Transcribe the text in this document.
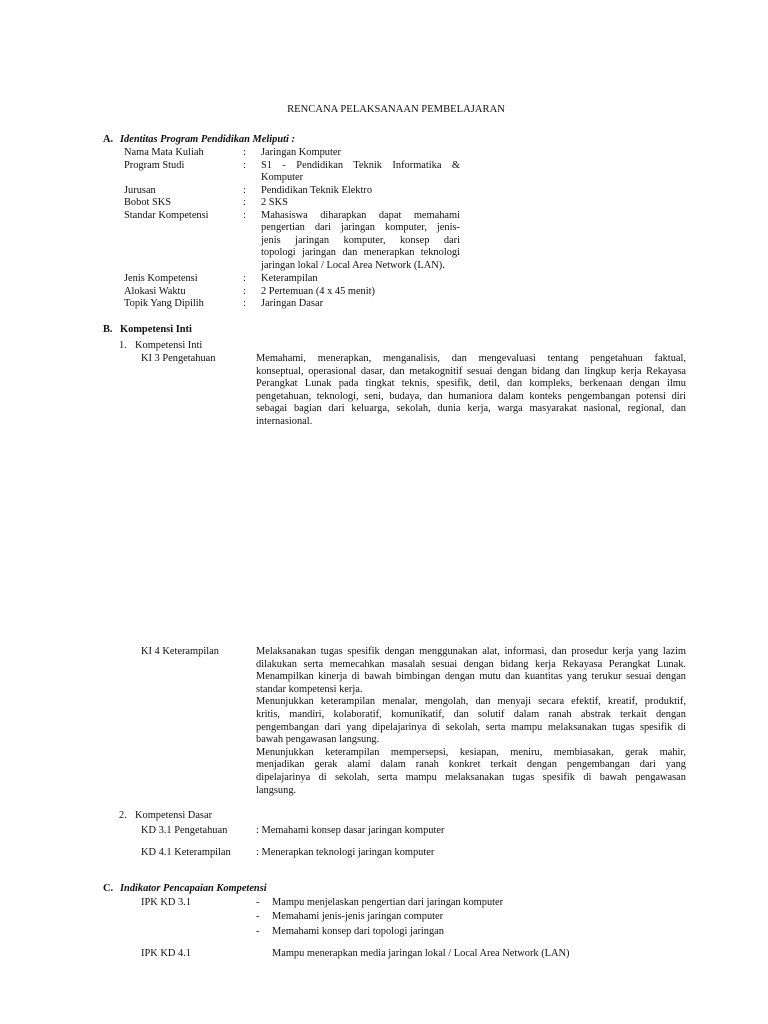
RENCANA PELAKSANAAN PEMBELAJARAN
A. Identitas Program Pendidikan Meliputi :
Nama Mata Kuliah	: Jaringan Komputer
Program Studi	: S1 - Pendidikan Teknik Informatika &
Komputer
Jurusan	: Pendidikan Teknik Elektro
Bobot SKS	: 2 SKS
Standar Kompetensi	: Mahasiswa diharapkan dapat memahami
pengertian dari jaringan komputer, jenis-
jenis jaringan komputer, konsep dari
topologi jaringan dan menerapkan teknologi
jaringan lokal / Local Area Network (LAN).
Jenis Kompetensi	: Keterampilan
Alokasi Waktu	: 2 Pertemuan (4 x 45 menit)
Topik Yang Dipilih	: Jaringan Dasar
B. Kompetensi Inti
1. Kompetensi Inti
KI 3 Pengetahuan	Memahami, menerapkan, menganalisis, dan mengevaluasi tentang pengetahuan faktual,
konseptual, operasional dasar, dan metakognitif sesuai dengan bidang dan lingkup kerja Rekayasa
Perangkat Lunak pada tingkat teknis, spesifik, detil, dan kompleks, berkenaan dengan ilmu
pengetahuan, teknologi, seni, budaya, dan humaniora dalam konteks pengembangan potensi diri
sebagai bagian dari keluarga, sekolah, dunia kerja, warga masyarakat nasional, regional, dan
internasional.
KI 4 Keterampilan	Melaksanakan tugas spesifik dengan menggunakan alat, informasi, dan prosedur kerja yang lazim
dilakukan serta memecahkan masalah sesuai dengan bidang kerja Rekayasa Perangkat Lunak.
Menampilkan kinerja di bawah bimbingan dengan mutu dan kuantitas yang terukur sesuai dengan
standar kompetensi kerja.
Menunjukkan keterampilan menalar, mengolah, dan menyaji secara efektif, kreatif, produktif,
kritis, mandiri, kolaboratif, komunikatif, dan solutif dalam ranah abstrak terkait dengan
pengembangan dari yang dipelajarinya di sekolah, serta mampu melaksanakan tugas spesifik di
bawah pengawasan langsung.
Menunjukkan keterampilan mempersepsi, kesiapan, meniru, membiasakan, gerak mahir,
menjadikan gerak alami dalam ranah konkret terkait dengan pengembangan dari yang
dipelajarinya di sekolah, serta mampu melaksanakan tugas spesifik di bawah pengawasan
langsung.
2. Kompetensi Dasar
KD 3.1 Pengetahuan	: Memahami konsep dasar jaringan komputer
KD 4.1 Keterampilan : Menerapkan teknologi jaringan komputer
C. Indikator Pencapaian Kompetensi
IPK KD 3.1	- Mampu menjelaskan pengertian dari jaringan komputer
- Memahami jenis-jenis jaringan computer
- Memahami konsep dari topologi jaringan
IPK KD 4.1	Mampu menerapkan media jaringan lokal / Local Area Network (LAN)
